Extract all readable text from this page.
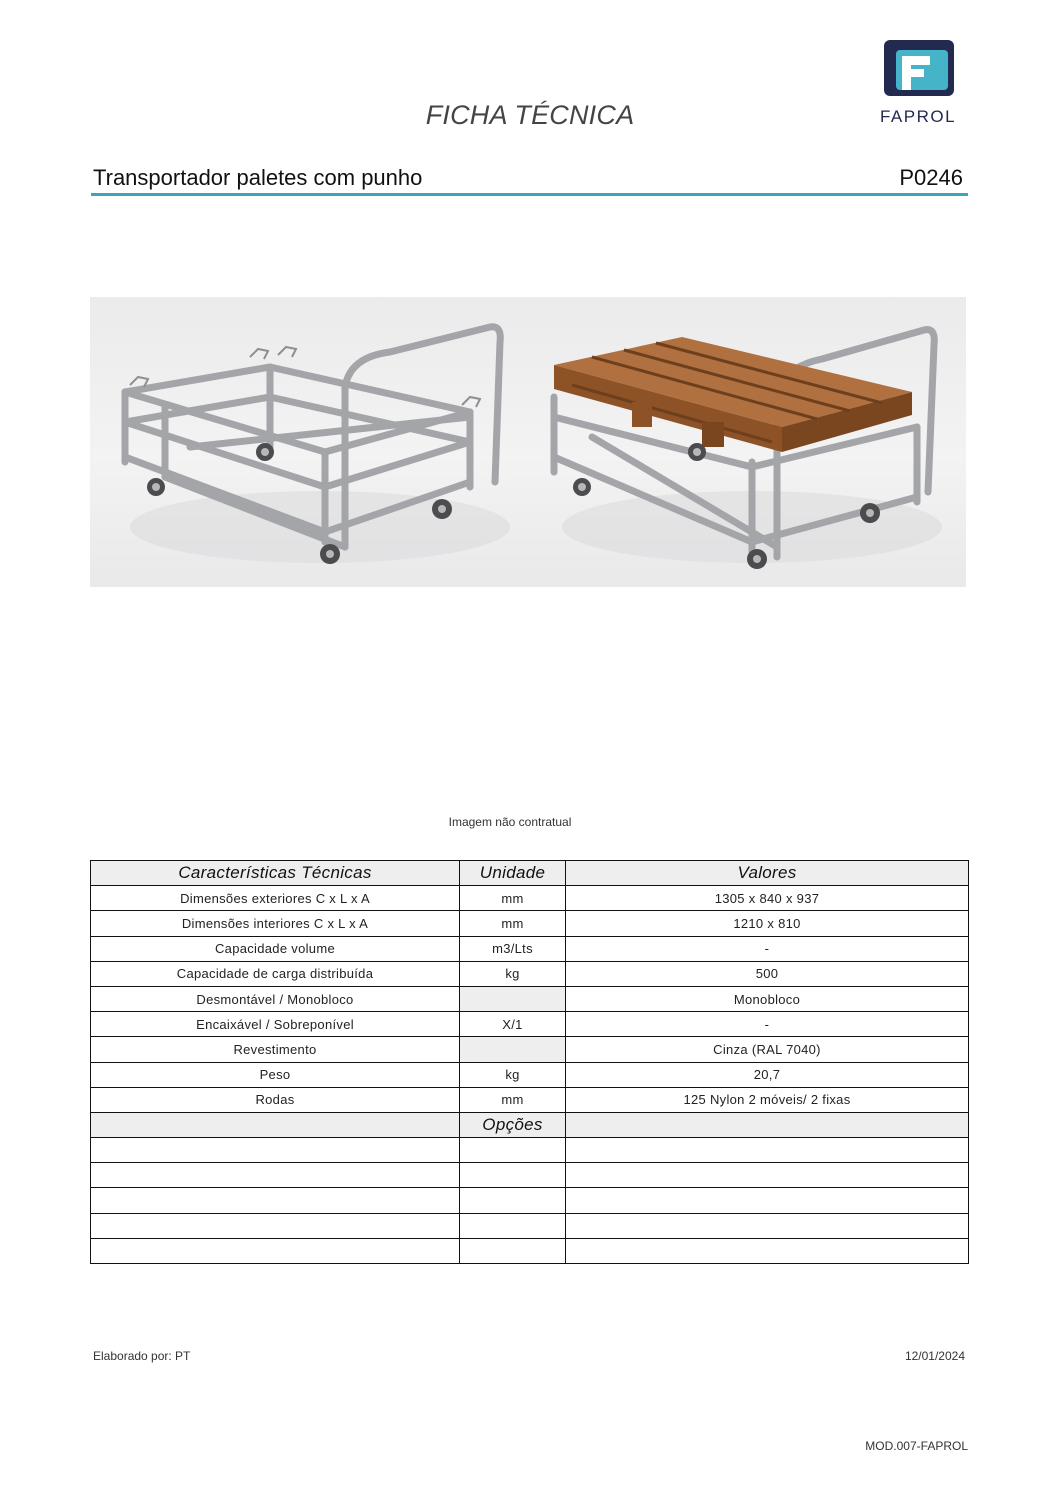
FAPROL
FICHA TÉCNICA
Transportador paletes com punho	P0246
Imagem não contratual
Características Técnicas	Unidade	Valores
Dimensões exteriores C x L x A	mm	1305 x 840 x 937
Dimensões interiores C x L x A	mm	1210 x 810
Capacidade volume	m3/Lts	-
Capacidade de carga distribuída	kg	500
Desmontável / Monobloco		Monobloco
Encaixável / Sobreponível	X/1	-
Revestimento		Cinza (RAL 7040)
Peso	kg	20,7
Rodas	mm	125 Nylon 2 móveis/ 2 fixas
	Opções	

Elaborado por: PT	12/01/2024
MOD.007-FAPROL
